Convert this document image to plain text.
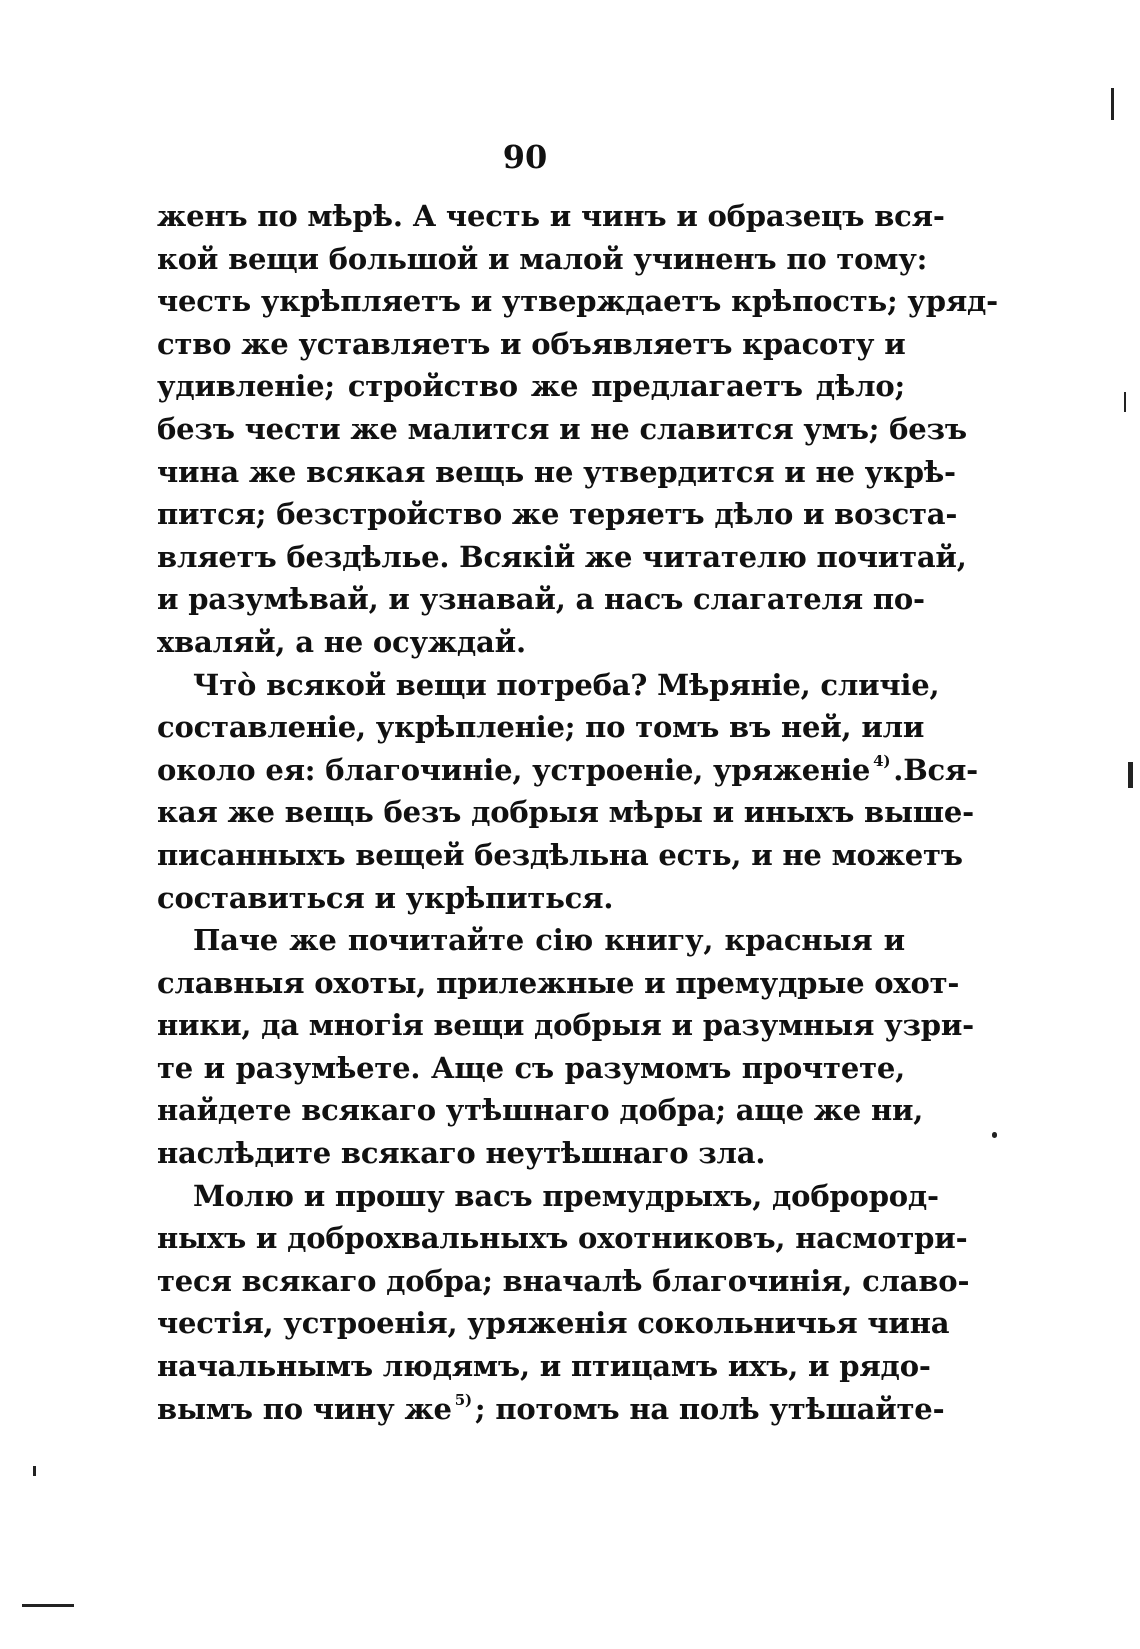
90
женъ по мѣрѣ. А честь и чинъ и образецъ вся-
кой вещи большой и малой учиненъ по тому:
честь укрѣпляетъ и утверждаетъ крѣпость; уряд-
ство же уставляетъ и объявляетъ красоту и
удивленіе; стройство же предлагаетъ дѣло;
безъ чести же малится и не славится умъ; безъ
чина же всякая вещь не утвердится и не укрѣ-
пится; безстройство же теряетъ дѣло и возста-
вляетъ бездѣлье. Всякій же читателю почитай,
и разумѣвай, и узнавай, а насъ слагателя по-
хваляй, а не осуждай.
Что̀ всякой вещи потреба? Мѣряніе, сличіе,
составленіе, укрѣпленіе; по томъ въ ней, или
около ея: благочиніе, устроеніе, уряженіе $^{4)}$ .Вся-
кая же вещь безъ добрыя мѣры и иныхъ выше-
писанныхъ вещей бездѣльна есть, и не можетъ
составиться и укрѣпиться.
Паче же почитайте сію книгу, красныя и
славныя охоты, прилежные и премудрые охот-
ники, да многія вещи добрыя и разумныя узри-
те и разумѣете. Аще съ разумомъ прочтете,
найдете всякаго утѣшнаго добра; аще же ни,
наслѣдите всякаго неутѣшнаго зла.
Молю и прошу васъ премудрыхъ, добрород-
ныхъ и доброхвальныхъ охотниковъ, насмотри-
теся всякаго добра; вначалѣ благочинія, славо-
честія, устроенія, уряженія сокольничья чина
начальнымъ людямъ, и птицамъ ихъ, и рядо-
вымъ по чину же $^{5)}$ ; потомъ на полѣ утѣшайте-
